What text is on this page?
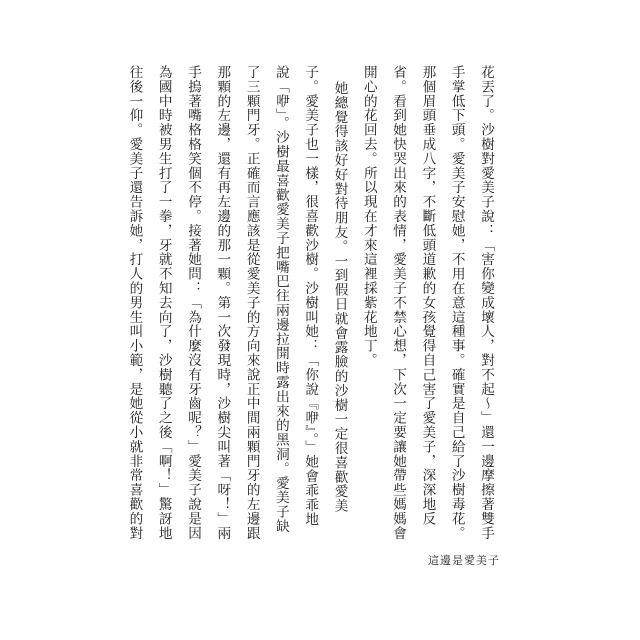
花丟了。沙樹對愛美子說：「害你變成壞人，對不起～」還一邊摩擦著雙手
手掌低下頭。愛美子安慰她，不用在意這種事。確實是自己給了沙樹毒花。
那個眉頭垂成八字，不斷低頭道歉的女孩覺得自己害了愛美子，深深地反
省。看到她快哭出來的表情，愛美子不禁心想，下次一定要讓她帶些媽媽會
開心的花回去。所以現在才來這裡採紫花地丁。
她總覺得該好好對待朋友。一到假日就會露臉的沙樹一定很喜歡愛美
子。愛美子也一樣，很喜歡沙樹。沙樹叫她：「你說『咿』。」她會乖乖地
說「咿」。沙樹最喜歡愛美子把嘴巴往兩邊拉開時露出來的黑洞。愛美子缺
了三顆門牙。正確而言應該是從愛美子的方向來說正中間兩顆門牙的左邊跟
那顆的左邊，還有再左邊的那一顆。第一次發現時，沙樹尖叫著「呀！」兩
手摀著嘴格格笑個不停。接著她問：「為什麼沒有牙齒呢？」愛美子說是因
為國中時被男生打了一拳，牙就不知去向了，沙樹聽了之後「啊！」驚訝地
往後一仰。愛美子還告訴她，打人的男生叫小範，是她從小就非常喜歡的對
這邊是愛美子
